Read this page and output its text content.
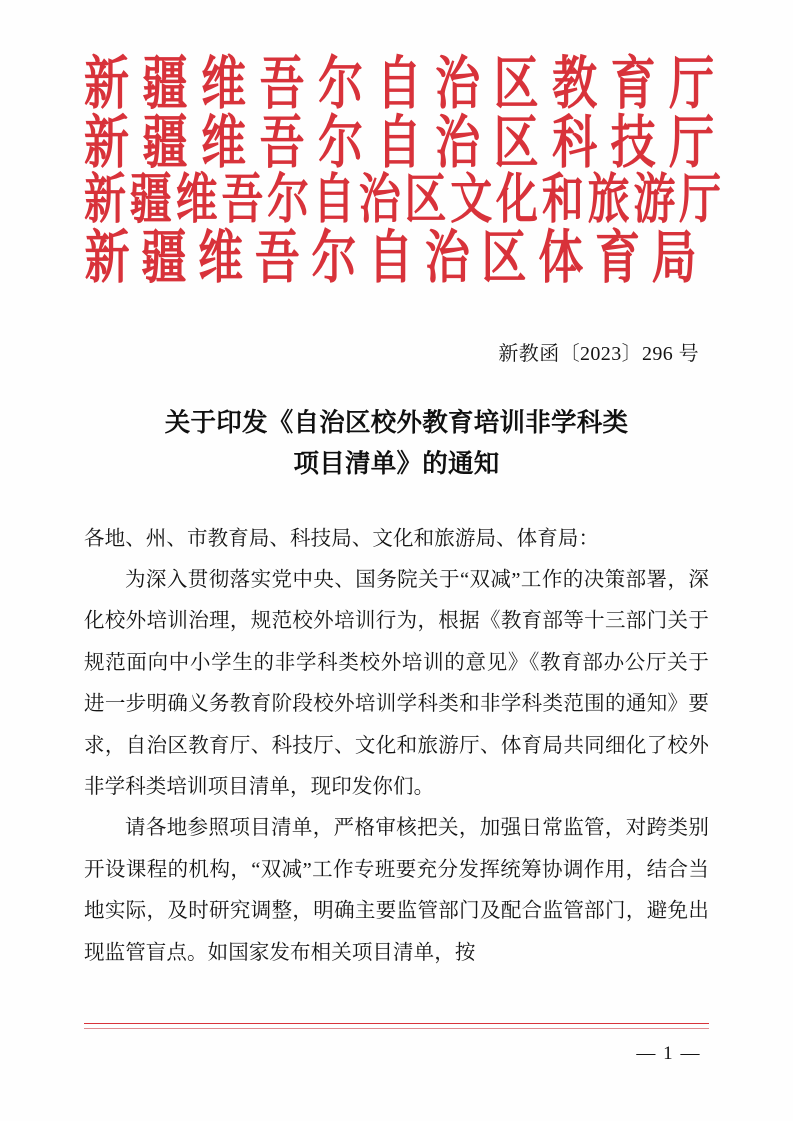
新疆维吾尔自治区教育厅
新疆维吾尔自治区科技厅
新疆维吾尔自治区文化和旅游厅
新疆维吾尔自治区体育局
新教函〔2023〕296 号
关于印发《自治区校外教育培训非学科类
项目清单》的通知

各地、州、市教育局、科技局、文化和旅游局、体育局：

为深入贯彻落实党中央、国务院关于“双减”工作的决策部署，深化校外培训治理，规范校外培训行为，根据《教育部等十三部门关于规范面向中小学生的非学科类校外培训的意见》《教育部办公厅关于进一步明确义务教育阶段校外培训学科类和非学科类范围的通知》要求，自治区教育厅、科技厅、文化和旅游厅、体育局共同细化了校外非学科类培训项目清单，现印发你们。

请各地参照项目清单，严格审核把关，加强日常监管，对跨类别开设课程的机构，“双减”工作专班要充分发挥统筹协调作用，结合当地实际，及时研究调整，明确主要监管部门及配合监管部门，避免出现监管盲点。如国家发布相关项目清单，按

— 1 —
